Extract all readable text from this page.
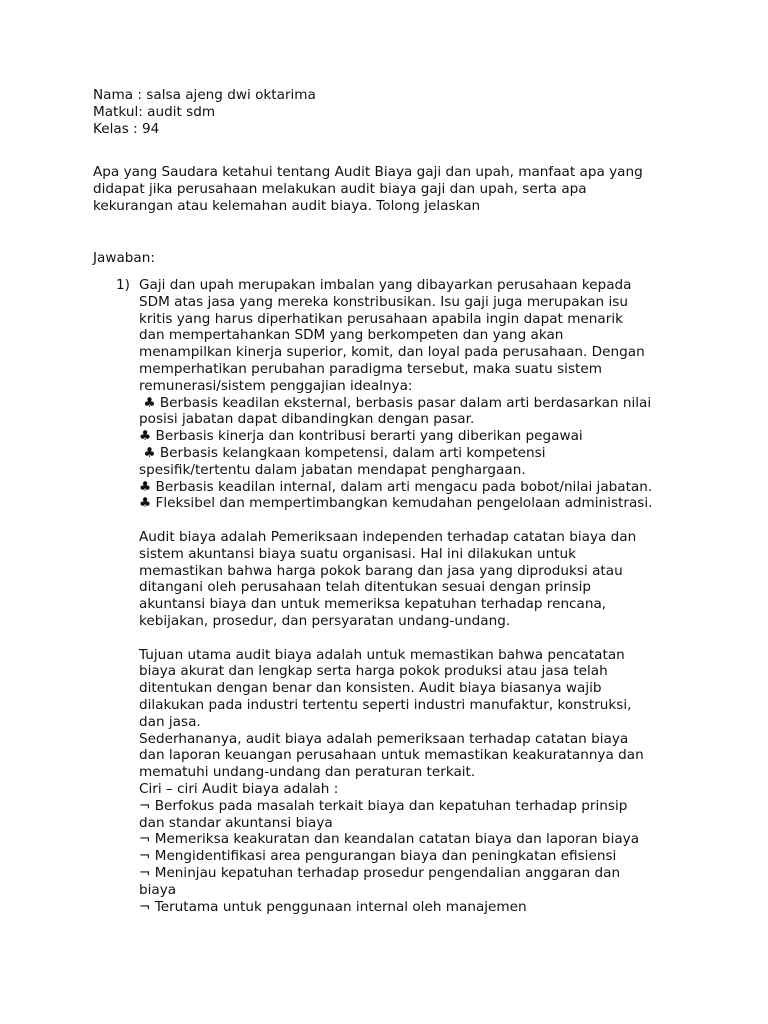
Nama : salsa ajeng dwi oktarima
Matkul: audit sdm
Kelas : 94
Apa yang Saudara ketahui tentang Audit Biaya gaji dan upah, manfaat apa yang
didapat jika perusahaan melakukan audit biaya gaji dan upah, serta apa
kekurangan atau kelemahan audit biaya. Tolong jelaskan
Jawaban:
1) Gaji dan upah merupakan imbalan yang dibayarkan perusahaan kepada
SDM atas jasa yang mereka konstribusikan. Isu gaji juga merupakan isu
kritis yang harus diperhatikan perusahaan apabila ingin dapat menarik
dan mempertahankan SDM yang berkompeten dan yang akan
menampilkan kinerja superior, komit, dan loyal pada perusahaan. Dengan
memperhatikan perubahan paradigma tersebut, maka suatu sistem
remunerasi/sistem penggajian idealnya:
♣ Berbasis keadilan eksternal, berbasis pasar dalam arti berdasarkan nilai
posisi jabatan dapat dibandingkan dengan pasar.
♣ Berbasis kinerja dan kontribusi berarti yang diberikan pegawai
♣ Berbasis kelangkaan kompetensi, dalam arti kompetensi
spesifik/tertentu dalam jabatan mendapat penghargaan.
♣ Berbasis keadilan internal, dalam arti mengacu pada bobot/nilai jabatan.
♣ Fleksibel dan mempertimbangkan kemudahan pengelolaan administrasi.
Audit biaya adalah Pemeriksaan independen terhadap catatan biaya dan
sistem akuntansi biaya suatu organisasi. Hal ini dilakukan untuk
memastikan bahwa harga pokok barang dan jasa yang diproduksi atau
ditangani oleh perusahaan telah ditentukan sesuai dengan prinsip
akuntansi biaya dan untuk memeriksa kepatuhan terhadap rencana,
kebijakan, prosedur, dan persyaratan undang-undang.
Tujuan utama audit biaya adalah untuk memastikan bahwa pencatatan
biaya akurat dan lengkap serta harga pokok produksi atau jasa telah
ditentukan dengan benar dan konsisten. Audit biaya biasanya wajib
dilakukan pada industri tertentu seperti industri manufaktur, konstruksi,
dan jasa.
Sederhananya, audit biaya adalah pemeriksaan terhadap catatan biaya
dan laporan keuangan perusahaan untuk memastikan keakuratannya dan
mematuhi undang-undang dan peraturan terkait.
Ciri – ciri Audit biaya adalah :
¬ Berfokus pada masalah terkait biaya dan kepatuhan terhadap prinsip
dan standar akuntansi biaya
¬ Memeriksa keakuratan dan keandalan catatan biaya dan laporan biaya
¬ Mengidentifikasi area pengurangan biaya dan peningkatan efisiensi
¬ Meninjau kepatuhan terhadap prosedur pengendalian anggaran dan
biaya
¬ Terutama untuk penggunaan internal oleh manajemen
